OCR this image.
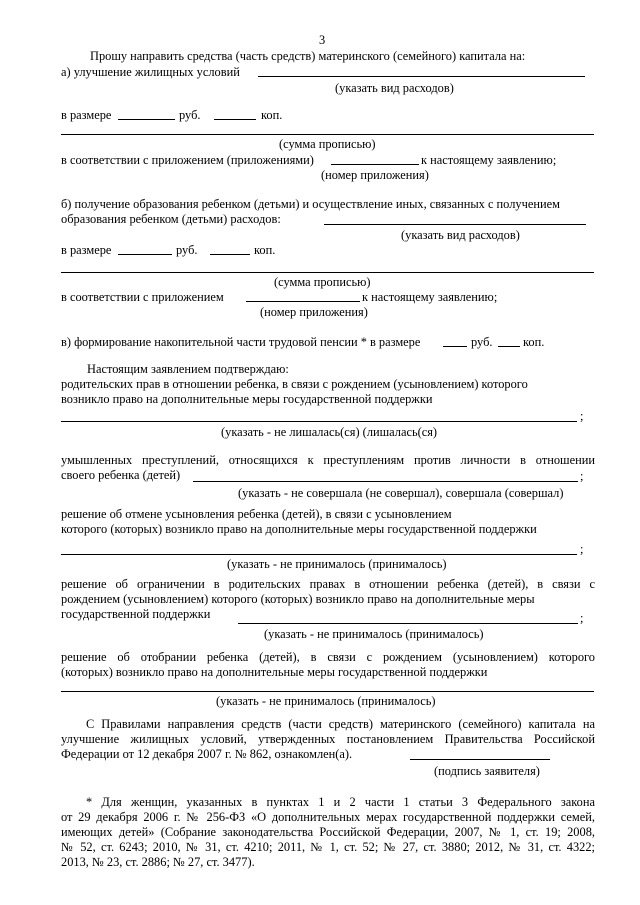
3
Прошу направить средства (часть средств) материнского (семейного) капитала на:
а) улучшение жилищных условий
(указать вид расходов)
в размере	руб.	коп.
(сумма прописью)
в соответствии с приложением (приложениями)	к настоящему заявлению;
(номер приложения)
б) получение образования ребенком (детьми) и осуществление иных, связанных с получением
образования ребенком (детьми) расходов:
(указать вид расходов)
в размере	руб.	коп.
(сумма прописью)
в соответствии с приложением	к настоящему заявлению;
(номер приложения)
в) формирование накопительной части трудовой пенсии * в размере	руб. коп.
Настоящим заявлением подтверждаю:
родительских прав в отношении ребенка, в связи с рождением (усыновлением) которого
возникло право на дополнительные меры государственной поддержки
;
(указать - не лишалась(ся) (лишалась(ся)
умышленных преступлений, относящихся к преступлениям против личности в отношении
своего ребенка (детей)	;
(указать - не совершала (не совершал), совершала (совершал)
решение об отмене усыновления ребенка (детей), в связи с усыновлением
которого (которых) возникло право на дополнительные меры государственной поддержки
;
(указать - не принималось (принималось)
решение об ограничении в родительских правах в отношении ребенка (детей), в связи с
рождением (усыновлением) которого (которых) возникло право на дополнительные меры
государственной поддержки	;
(указать - не принималось (принималось)
решение об отобрании ребенка (детей), в связи с рождением (усыновлением) которого
(которых) возникло право на дополнительные меры государственной поддержки
(указать - не принималось (принималось)
С Правилами направления средств (части средств) материнского (семейного) капитала на
улучшение жилищных условий, утвержденных постановлением Правительства Российской
Федерации от 12 декабря 2007 г. № 862, ознакомлен(а).
(подпись заявителя)
* Для женщин, указанных в пунктах 1 и 2 части 1 статьи 3 Федерального закона
от 29 декабря 2006 г. № 256-ФЗ «О дополнительных мерах государственной поддержки семей,
имеющих детей» (Собрание законодательства Российской Федерации, 2007, № 1, ст. 19; 2008,
№ 52, ст. 6243; 2010, № 31, ст. 4210; 2011, № 1, ст. 52; № 27, ст. 3880; 2012, № 31, ст. 4322;
2013, № 23, ст. 2886; № 27, ст. 3477).
